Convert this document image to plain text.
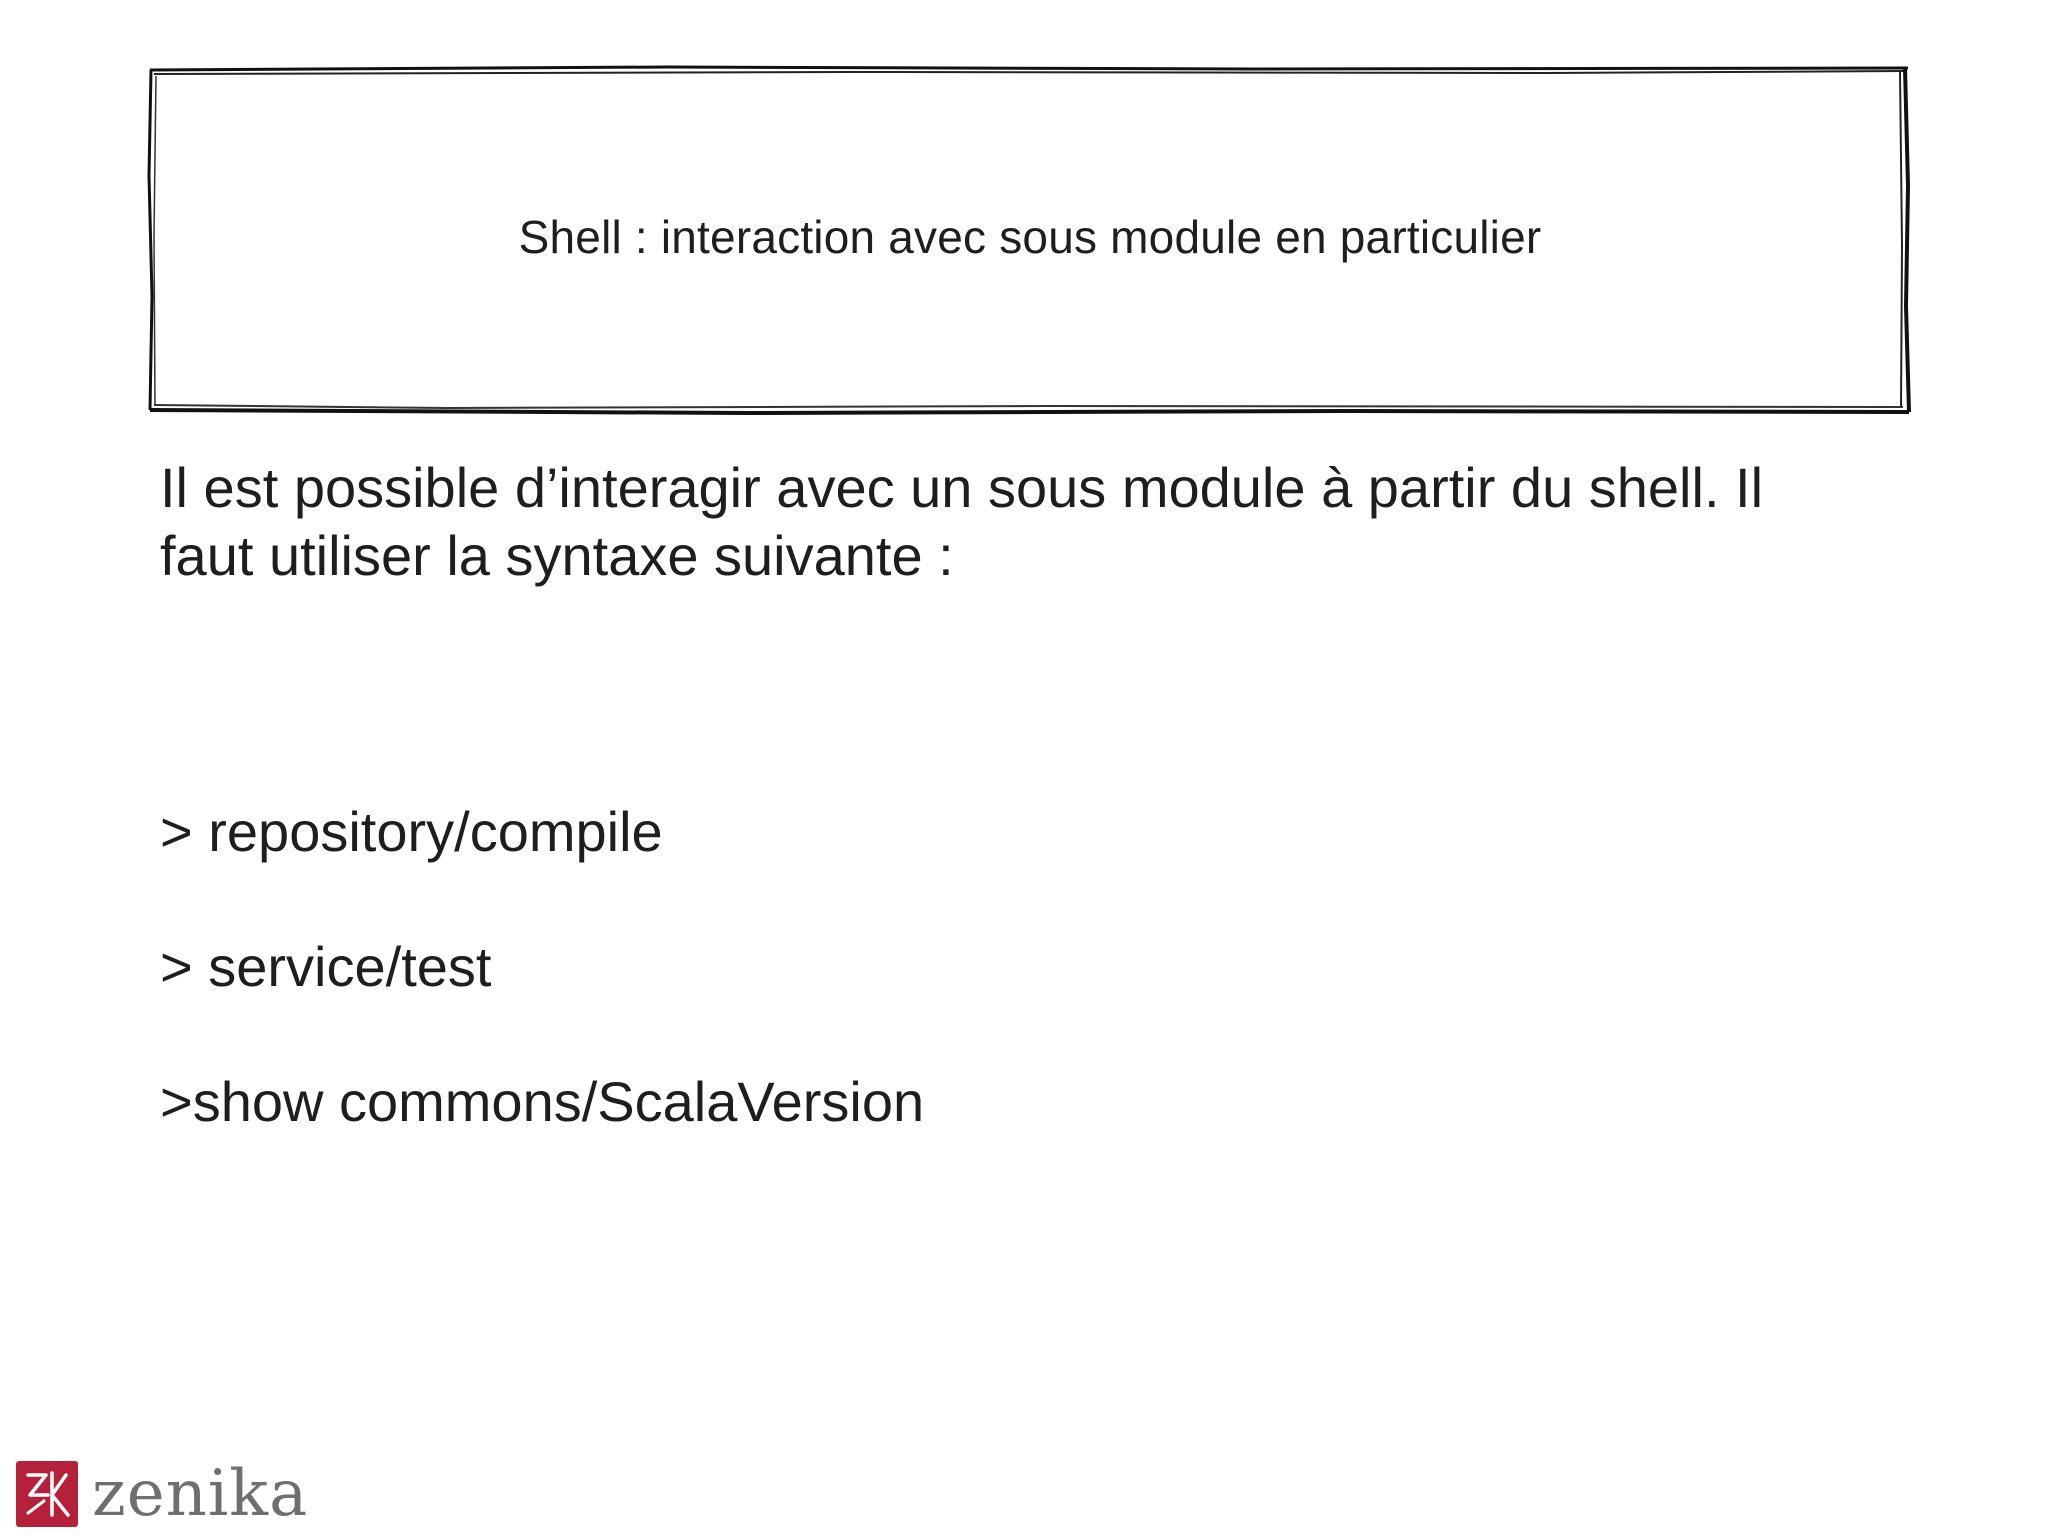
Shell : interaction avec sous module en particulier
Il est possible d’interagir avec un sous module à partir du shell. Il
faut utiliser la syntaxe suivante :
> repository/compile
> service/test
>show commons/ScalaVersion
zenika
